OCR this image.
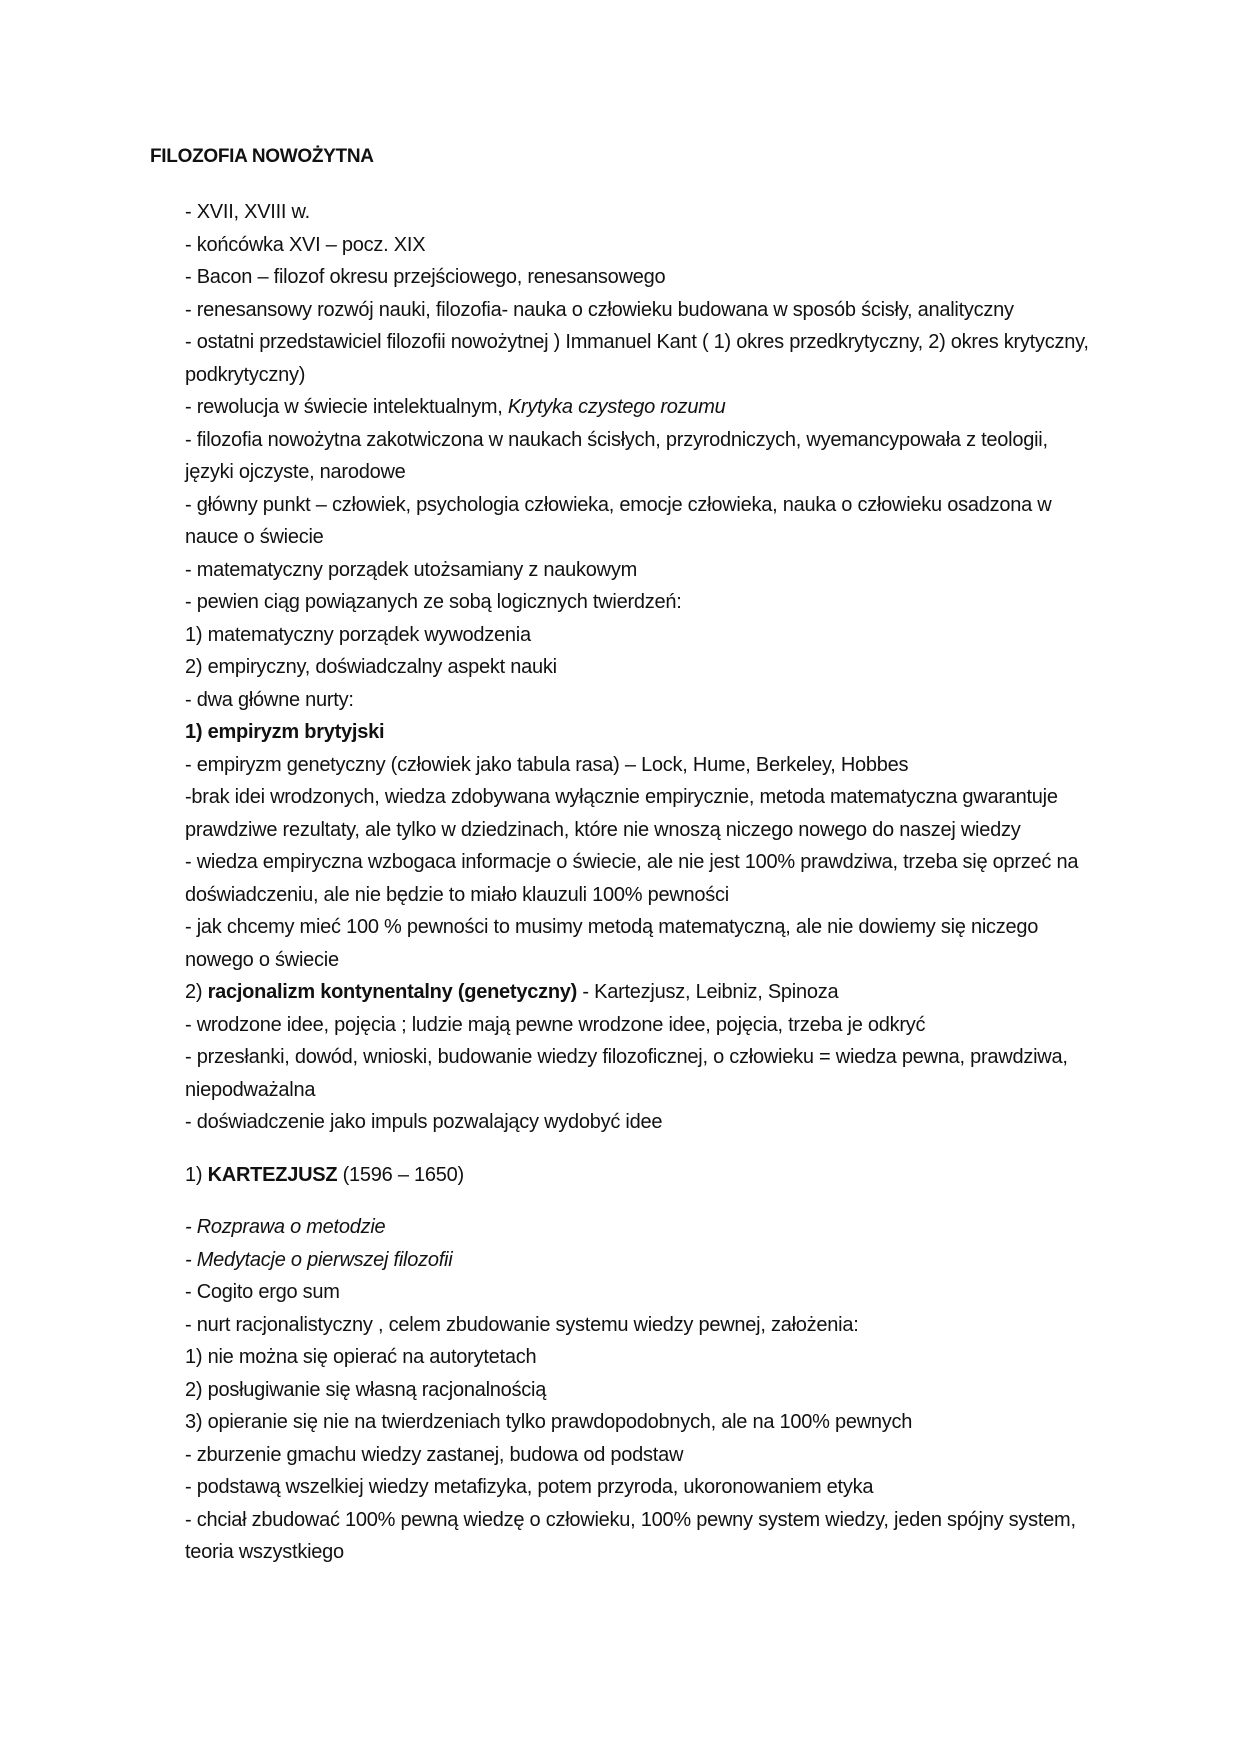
FILOZOFIA NOWOŻYTNA

- XVII, XVIII w.

- końcówka XVI – pocz. XIX

- Bacon – filozof okresu przejściowego, renesansowego

- renesansowy rozwój nauki, filozofia- nauka o człowieku budowana w sposób ścisły, analityczny

- ostatni przedstawiciel filozofii nowożytnej ) Immanuel Kant ( 1) okres przedkrytyczny, 2) okres krytyczny, podkrytyczny)

- rewolucja w świecie intelektualnym, Krytyka czystego rozumu

- filozofia nowożytna zakotwiczona w naukach ścisłych, przyrodniczych, wyemancypowała z teologii, języki ojczyste, narodowe

- główny punkt – człowiek, psychologia człowieka, emocje człowieka, nauka o człowieku osadzona w nauce o świecie

- matematyczny porządek utożsamiany z naukowym

- pewien ciąg powiązanych ze sobą logicznych twierdzeń:

1) matematyczny porządek wywodzenia

2) empiryczny, doświadczalny aspekt nauki

- dwa główne nurty:

1) empiryzm brytyjski

- empiryzm genetyczny (człowiek jako tabula rasa) – Lock, Hume, Berkeley, Hobbes

-brak idei wrodzonych, wiedza zdobywana wyłącznie empirycznie, metoda matematyczna gwarantuje prawdziwe rezultaty, ale tylko w dziedzinach, które nie wnoszą niczego nowego do naszej wiedzy

- wiedza empiryczna wzbogaca informacje o świecie, ale nie jest 100% prawdziwa, trzeba się oprzeć na doświadczeniu, ale nie będzie to miało klauzuli 100% pewności

- jak chcemy mieć 100 % pewności to musimy metodą matematyczną, ale nie dowiemy się niczego nowego o świecie

2) racjonalizm kontynentalny (genetyczny) - Kartezjusz, Leibniz, Spinoza

- wrodzone idee, pojęcia ; ludzie mają pewne wrodzone idee, pojęcia, trzeba je odkryć

- przesłanki, dowód, wnioski, budowanie wiedzy filozoficznej, o człowieku = wiedza pewna, prawdziwa, niepodważalna

- doświadczenie jako impuls pozwalający wydobyć idee

1) KARTEZJUSZ (1596 – 1650)

- Rozprawa o metodzie

- Medytacje o pierwszej filozofii

- Cogito ergo sum

- nurt racjonalistyczny , celem zbudowanie systemu wiedzy pewnej, założenia:

1) nie można się opierać na autorytetach

2) posługiwanie się własną racjonalnością

3) opieranie się nie na twierdzeniach tylko prawdopodobnych, ale na 100% pewnych

- zburzenie gmachu wiedzy zastanej, budowa od podstaw

- podstawą wszelkiej wiedzy metafizyka, potem przyroda, ukoronowaniem etyka

- chciał zbudować 100% pewną wiedzę o człowieku, 100% pewny system wiedzy, jeden spójny system, teoria wszystkiego
